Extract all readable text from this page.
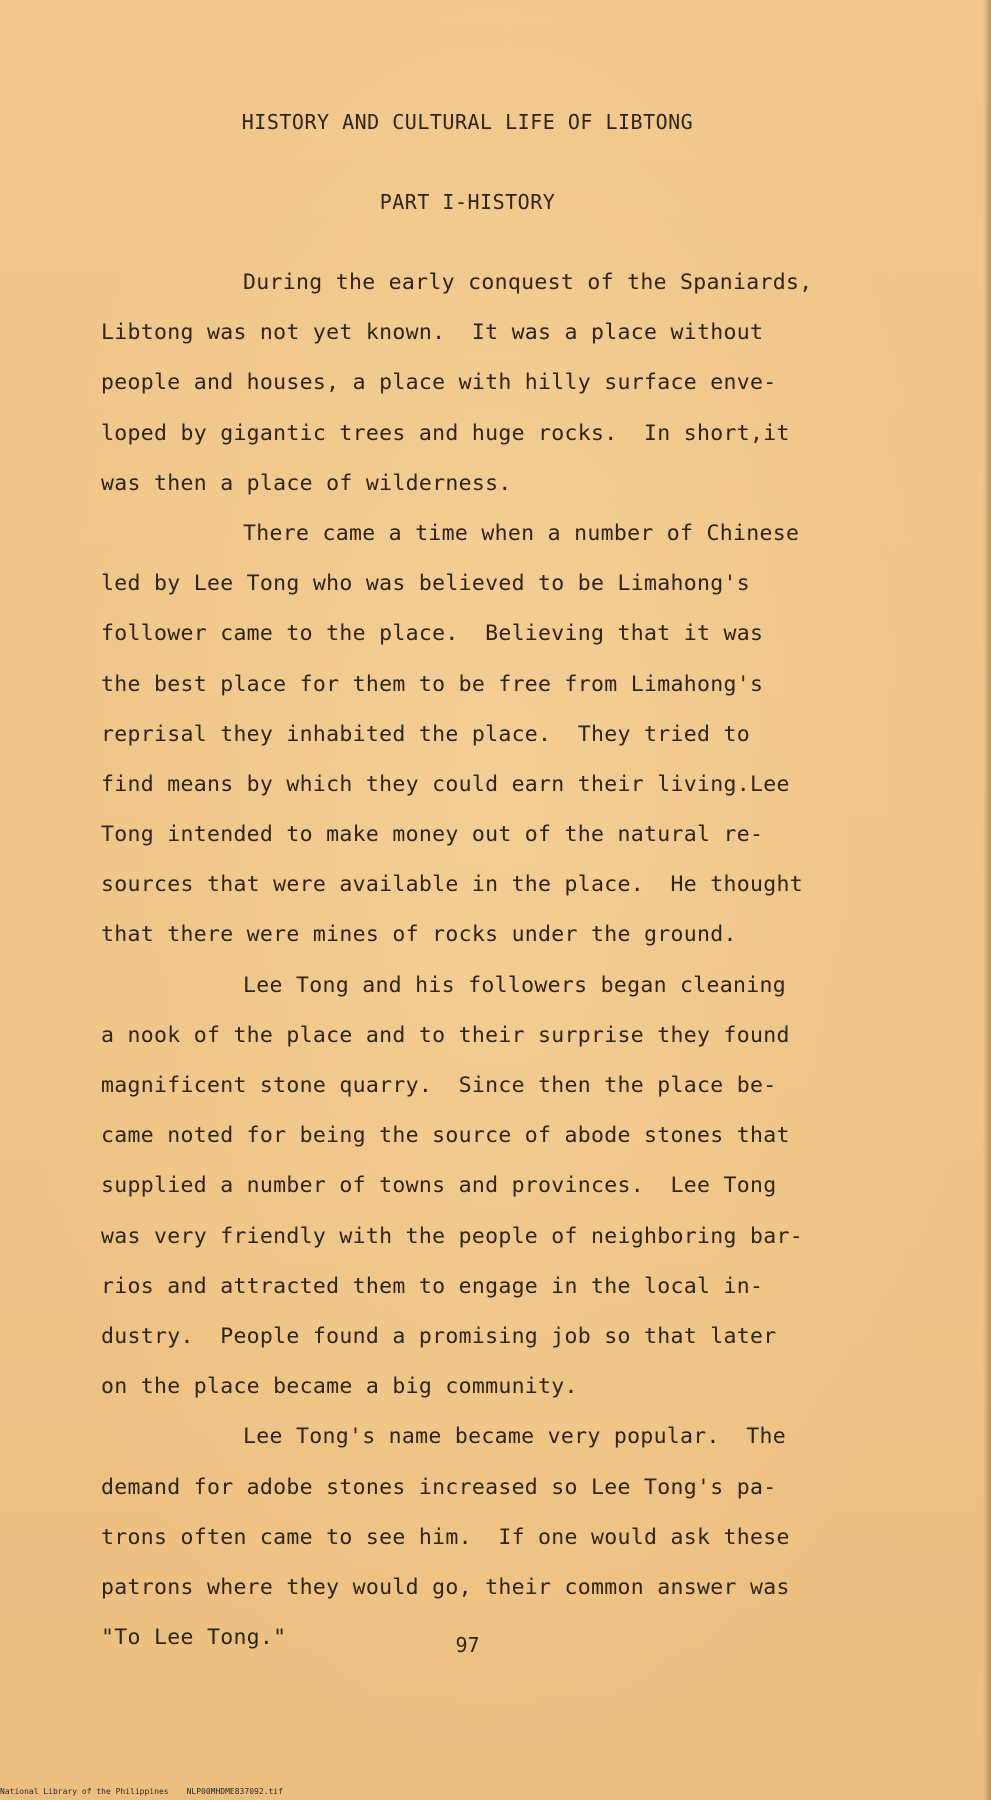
HISTORY AND CULTURAL LIFE OF LIBTONG
PART I-HISTORY
During the early conquest of the Spaniards,
Libtong was not yet known.  It was a place without
people and houses, a place with hilly surface enve-
loped by gigantic trees and huge rocks.  In short,it
was then a place of wilderness.
There came a time when a number of Chinese
led by Lee Tong who was believed to be Limahong's
follower came to the place.  Believing that it was
the best place for them to be free from Limahong's
reprisal they inhabited the place.  They tried to
find means by which they could earn their living.Lee
Tong intended to make money out of the natural re-
sources that were available in the place.  He thought
that there were mines of rocks under the ground.
Lee Tong and his followers began cleaning
a nook of the place and to their surprise they found
magnificent stone quarry.  Since then the place be-
came noted for being the source of abode stones that
supplied a number of towns and provinces.  Lee Tong
was very friendly with the people of neighboring bar-
rios and attracted them to engage in the local in-
dustry.  People found a promising job so that later
on the place became a big community.
Lee Tong's name became very popular.  The
demand for adobe stones increased so Lee Tong's pa-
trons often came to see him.  If one would ask these
patrons where they would go, their common answer was
"To Lee Tong."	97
National Library of the Philippines NLP00MHDME837092.tif
